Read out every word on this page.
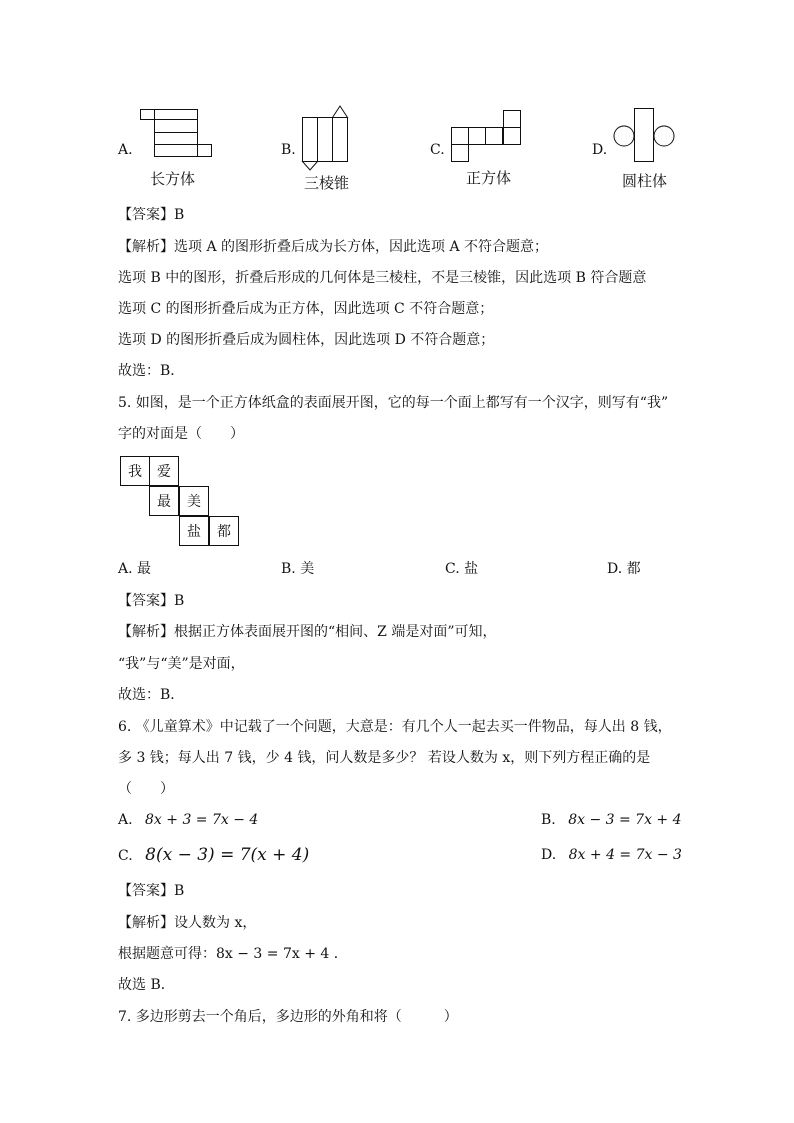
A.
长方体
B.
三棱锥
C.
正方体
D.
圆柱体
【答案】B
【解析】选项 A 的图形折叠后成为长方体，因此选项 A 不符合题意；
选项 B 中的图形，折叠后形成的几何体是三棱柱，不是三棱锥，因此选项 B 符合题意
选项 C 的图形折叠后成为正方体，因此选项 C 不符合题意；
选项 D 的图形折叠后成为圆柱体，因此选项 D 不符合题意；
故选：B．
5. 如图，是一个正方体纸盒的表面展开图，它的每一个面上都写有一个汉字，则写有“我”
字的对面是（　　）
我	爱
最	美
盐	都
A. 最	B. 美	C. 盐	D. 都
【答案】B
【解析】根据正方体表面展开图的“相间、Z 端是对面”可知，
“我”与“美”是对面，
故选：B．
6. 《儿童算术》中记载了一个问题，大意是：有几个人一起去买一件物品，每人出 8 钱，
多 3 钱；每人出 7 钱，少 4 钱，问人数是多少？ 若设人数为 x，则下列方程正确的是
（　　）
A. 8x + 3 = 7x − 4	B. 8x − 3 = 7x + 4
C. 8(x − 3) = 7(x + 4)	D. 8x + 4 = 7x − 3
【答案】B
【解析】设人数为 x，
根据题意可得：8x − 3 = 7x + 4 ．
故选 B．
7. 多边形剪去一个角后，多边形的外角和将（　　　）
